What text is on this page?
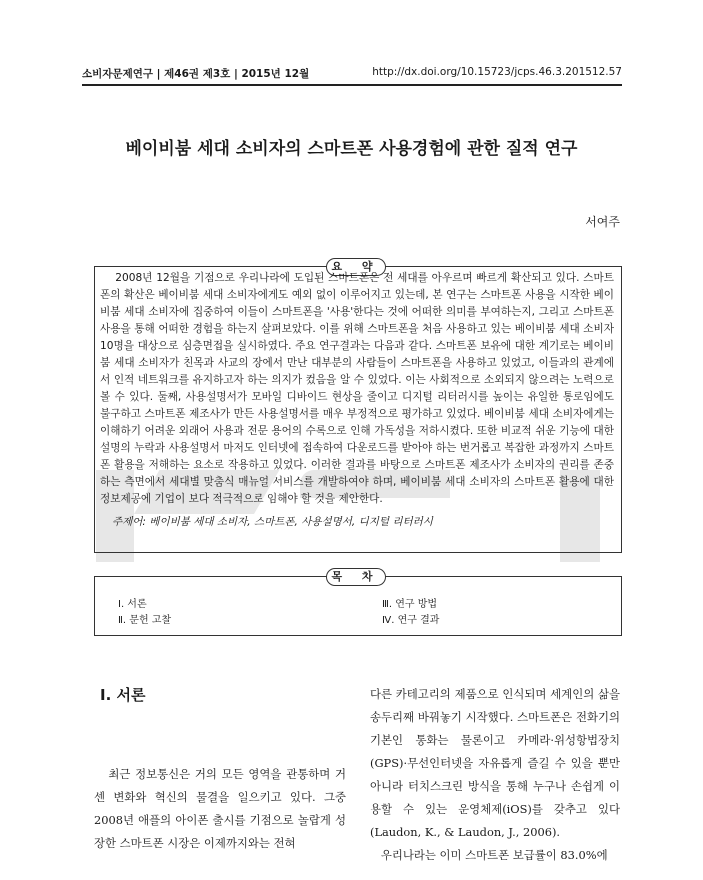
소비자문제연구 | 제46권 제3호 | 2015년 12월	http://dx.doi.org/10.15723/jcps.46.3.201512.57
베이비붐 세대 소비자의 스마트폰 사용경험에 관한 질적 연구
서여주
요 약
2008년 12월을 기점으로 우리나라에 도입된 스마트폰은 전 세대를 아우르며 빠르게 확산되고 있다. 스마트폰의 확산은 베이비붐 세대 소비자에게도 예외 없이 이루어지고 있는데, 본 연구는 스마트폰 사용을 시작한 베이비붐 세대 소비자에 집중하여 이들이 스마트폰을 '사용'한다는 것에 어떠한 의미를 부여하는지, 그리고 스마트폰 사용을 통해 어떠한 경험을 하는지 살펴보았다. 이를 위해 스마트폰을 처음 사용하고 있는 베이비붐 세대 소비자 10명을 대상으로 심층면접을 실시하였다. 주요 연구결과는 다음과 같다. 스마트폰 보유에 대한 계기로는 베이비붐 세대 소비자가 친목과 사교의 장에서 만난 대부분의 사람들이 스마트폰을 사용하고 있었고, 이들과의 관계에서 인적 네트워크를 유지하고자 하는 의지가 컸음을 알 수 있었다. 이는 사회적으로 소외되지 않으려는 노력으로 볼 수 있다. 둘째, 사용설명서가 모바일 디바이드 현상을 줄이고 디지털 리터러시를 높이는 유일한 통로임에도 불구하고 스마트폰 제조사가 만든 사용설명서를 매우 부정적으로 평가하고 있었다. 베이비붐 세대 소비자에게는 이해하기 어려운 외래어 사용과 전문 용어의 수록으로 인해 가독성을 저하시켰다. 또한 비교적 쉬운 기능에 대한 설명의 누락과 사용설명서 마저도 인터넷에 접속하여 다운로드를 받아야 하는 번거롭고 복잡한 과정까지 스마트폰 활용을 저해하는 요소로 작용하고 있었다. 이러한 결과를 바탕으로 스마트폰 제조사가 소비자의 권리를 존중하는 측면에서 세대별 맞춤식 매뉴얼 서비스를 개발하여야 하며, 베이비붐 세대 소비자의 스마트폰 활용에 대한 정보제공에 기업이 보다 적극적으로 임해야 할 것을 제안한다.
주제어: 베이비붐 세대 소비자, 스마트폰, 사용설명서, 디지털 리터러시
목 차
Ⅰ. 서론
Ⅱ. 문헌 고찰
Ⅲ. 연구 방법
Ⅳ. 연구 결과
Ⅰ. 서론
최근 정보통신은 거의 모든 영역을 관통하며 거센 변화와 혁신의 물결을 일으키고 있다. 그중 2008년 애플의 아이폰 출시를 기점으로 놀랍게 성장한 스마트폰 시장은 이제까지와는 전혀
다른 카테고리의 제품으로 인식되며 세계인의 삶을 송두리째 바꿔놓기 시작했다. 스마트폰은 전화기의 기본인 통화는 물론이고 카메라·위성항법장치(GPS)·무선인터넷을 자유롭게 즐길 수 있을 뿐만 아니라 터치스크린 방식을 통해 누구나 손쉽게 이용할 수 있는 운영체제(iOS)를 갖추고 있다(Laudon, K., & Laudon, J., 2006).
우리나라는 이미 스마트폰 보급률이 83.0%에
